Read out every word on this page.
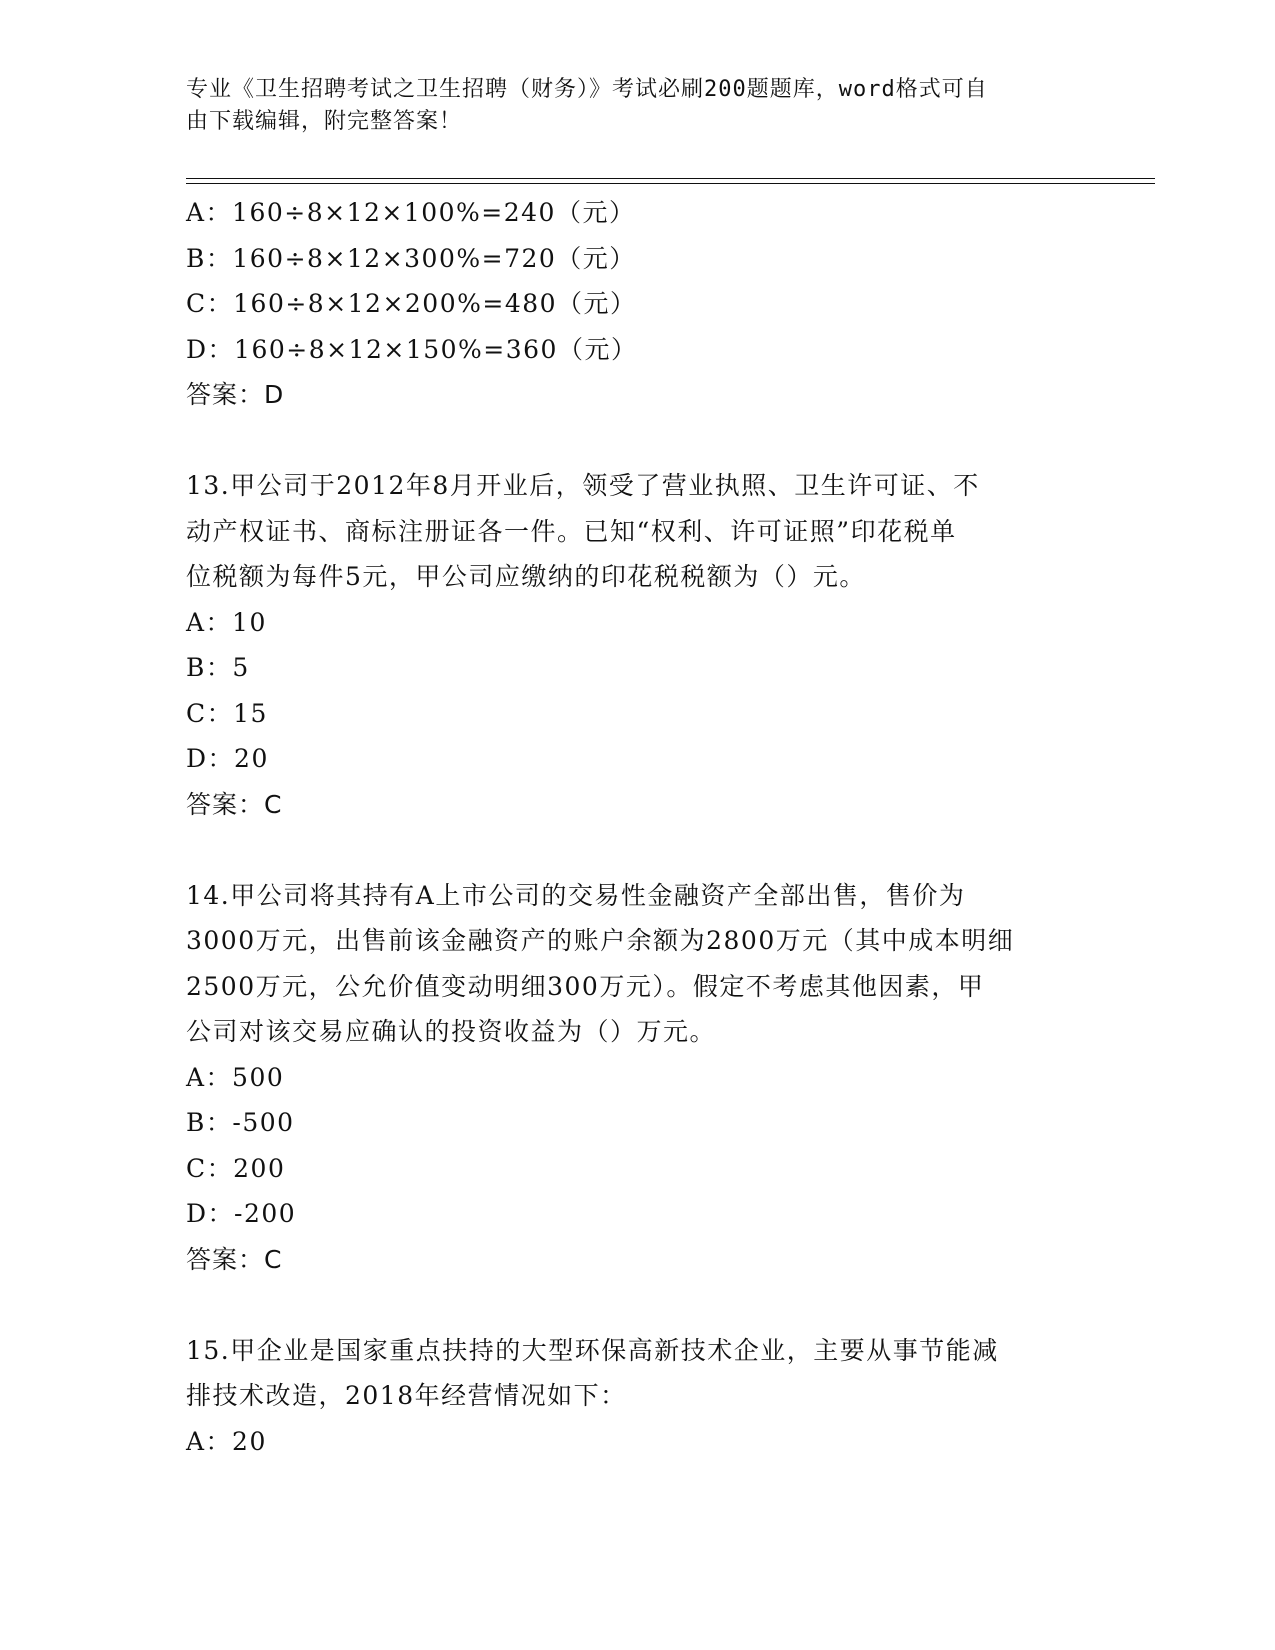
专业《卫生招聘考试之卫生招聘（财务）》考试必刷200题题库，word格式可自
由下载编辑，附完整答案！
A：160÷8×12×100%=240（元）
B：160÷8×12×300%=720（元）
C：160÷8×12×200%=480（元）
D：160÷8×12×150%=360（元）
答案：D
13.甲公司于2012年8月开业后，领受了营业执照、卫生许可证、不
动产权证书、商标注册证各一件。已知“权利、许可证照”印花税单
位税额为每件5元，甲公司应缴纳的印花税税额为（）元。
A：10
B：5
C：15
D：20
答案：C
14.甲公司将其持有A上市公司的交易性金融资产全部出售，售价为
3000万元，出售前该金融资产的账户余额为2800万元（其中成本明细
2500万元，公允价值变动明细300万元）。假定不考虑其他因素，甲
公司对该交易应确认的投资收益为（）万元。
A：500
B：-500
C：200
D：-200
答案：C
15.甲企业是国家重点扶持的大型环保高新技术企业，主要从事节能减
排技术改造，2018年经营情况如下：
A：20
